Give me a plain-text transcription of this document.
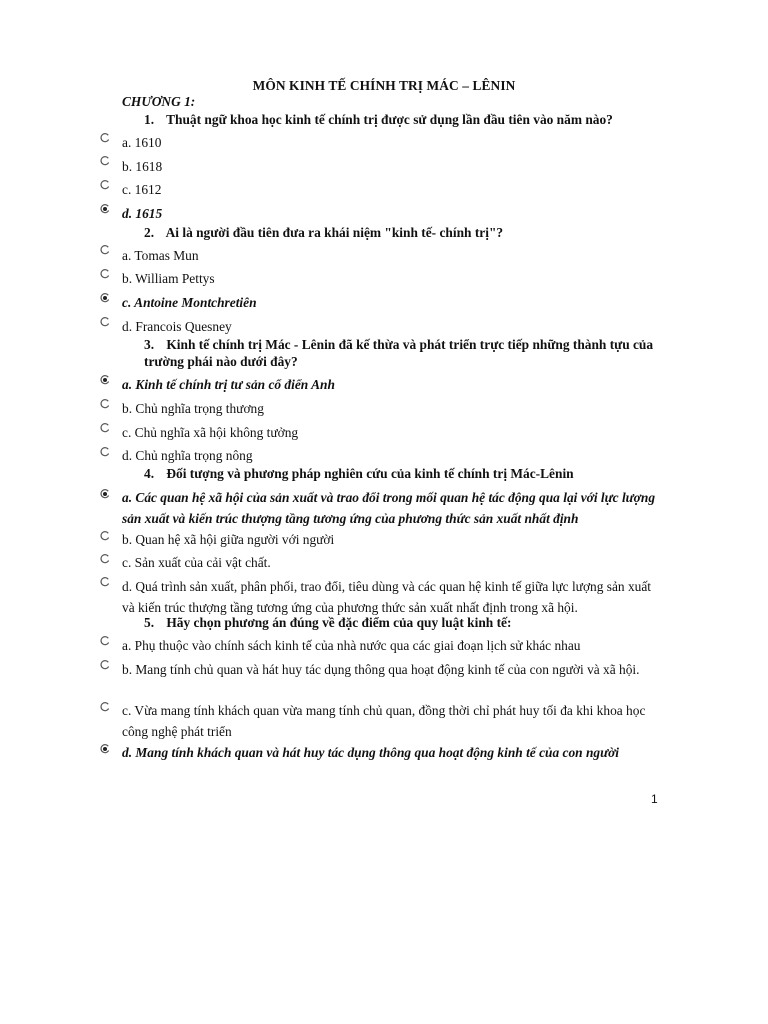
MÔN KINH TẾ CHÍNH TRỊ MÁC – LÊNIN
CHƯƠNG 1:
1. Thuật ngữ khoa học kinh tế chính trị được sử dụng lần đầu tiên vào năm nào?
a. 1610
b. 1618
c. 1612
d. 1615
2. Ai là người đầu tiên đưa ra khái niệm "kinh tế- chính trị"?
a. Tomas Mun
b. William Pettys
c. Antoine Montchretiên
d. Francois Quesney
3. Kinh tế chính trị Mác - Lênin đã kế thừa và phát triển trực tiếp những thành tựu của trường phái nào dưới đây?
a. Kinh tế chính trị tư sản cổ điển Anh
b. Chủ nghĩa trọng thương
c. Chủ nghĩa xã hội không tưởng
d. Chủ nghĩa trọng nông
4. Đối tượng và phương pháp nghiên cứu của kinh tế chính trị Mác-Lênin
a. Các quan hệ xã hội của sản xuất và trao đổi trong mối quan hệ tác động qua lại với lực lượng sản xuất và kiến trúc thượng tầng tương ứng của phương thức sản xuất nhất định
b. Quan hệ xã hội giữa người với người
c. Sản xuất của cải vật chất.
d. Quá trình sản xuất, phân phối, trao đổi, tiêu dùng và các quan hệ kinh tế giữa lực lượng sản xuất và kiến trúc thượng tầng tương ứng của phương thức sản xuất nhất định trong xã hội.
5. Hãy chọn phương án đúng về đặc điểm của quy luật kinh tế:
a. Phụ thuộc vào chính sách kinh tế của nhà nước qua các giai đoạn lịch sử khác nhau
b. Mang tính chủ quan và hát huy tác dụng thông qua hoạt động kinh tế của con người và xã hội.
c. Vừa mang tính khách quan vừa mang tính chủ quan, đồng thời chỉ phát huy tối đa khi khoa học công nghệ phát triển
d. Mang tính khách quan và hát huy tác dụng thông qua hoạt động kinh tế của con người
1
